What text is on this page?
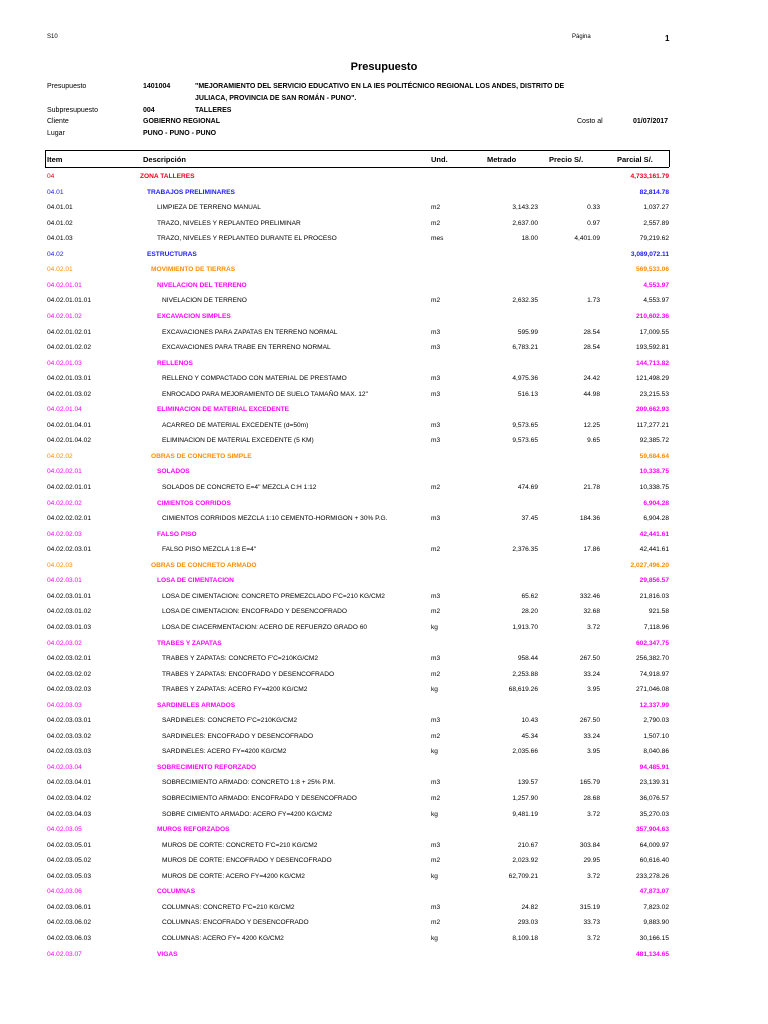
S10	Página	1
Presupuesto
Presupuesto	1401004	"MEJORAMIENTO DEL SERVICIO EDUCATIVO EN LA IES POLITÉCNICO REGIONAL LOS ANDES, DISTRITO DE
JULIACA, PROVINCIA DE SAN ROMÁN - PUNO".
Subpresupuesto	004	TALLERES
Cliente	GOBIERNO REGIONAL	Costo al	01/07/2017
Lugar	PUNO - PUNO - PUNO
Item	Descripción	Und.	Metrado	Precio S/.	Parcial S/.
04	ZONA TALLERES	4,733,161.79
04.01	TRABAJOS PRELIMINARES	82,814.78
04.01.01	LIMPIEZA DE TERRENO MANUAL	m2	3,143.23	0.33	1,037.27
04.01.02	TRAZO, NIVELES Y REPLANTEO PRELIMINAR	m2	2,637.00	0.97	2,557.89
04.01.03	TRAZO, NIVELES Y REPLANTEO DURANTE EL PROCESO	mes	18.00	4,401.09	79,219.62
04.02	ESTRUCTURAS	3,089,072.11
04.02.01	MOVIMIENTO DE TIERRAS	569,533.06
04.02.01.01	NIVELACION DEL TERRENO	4,553.97
04.02.01.01.01	NIVELACION DE TERRENO	m2	2,632.35	1.73	4,553.97
04.02.01.02	EXCAVACION SIMPLES	210,602.36
04.02.01.02.01	EXCAVACIONES PARA ZAPATAS EN TERRENO NORMAL	m3	595.99	28.54	17,009.55
04.02.01.02.02	EXCAVACIONES PARA TRABE EN TERRENO NORMAL	m3	6,783.21	28.54	193,592.81
04.02.01.03	RELLENOS	144,713.82
04.02.01.03.01	RELLENO Y COMPACTADO CON MATERIAL DE PRESTAMO	m3	4,975.36	24.42	121,498.29
04.02.01.03.02	ENROCADO PARA MEJORAMIENTO DE SUELO TAMAÑO MAX. 12"	m3	516.13	44.98	23,215.53
04.02.01.04	ELIMINACION DE MATERIAL EXCEDENTE	209,662.93
04.02.01.04.01	ACARREO DE MATERIAL EXCEDENTE (d=50m)	m3	9,573.65	12.25	117,277.21
04.02.01.04.02	ELIMINACION DE MATERIAL EXCEDENTE (5 KM)	m3	9,573.65	9.65	92,385.72
04.02.02	OBRAS DE CONCRETO SIMPLE	59,684.64
04.02.02.01	SOLADOS	10,338.75
04.02.02.01.01	SOLADOS DE CONCRETO E=4" MEZCLA C:H 1:12	m2	474.69	21.78	10,338.75
04.02.02.02	CIMIENTOS CORRIDOS	6,904.28
04.02.02.02.01	CIMIENTOS CORRIDOS MEZCLA 1:10 CEMENTO-HORMIGON + 30% P.G.	m3	37.45	184.36	6,904.28
04.02.02.03	FALSO PISO	42,441.61
04.02.02.03.01	FALSO PISO MEZCLA 1:8 E=4"	m2	2,376.35	17.86	42,441.61
04.02.03	OBRAS DE CONCRETO ARMADO	2,027,496.20
04.02.03.01	LOSA DE CIMENTACION	29,856.57
04.02.03.01.01	LOSA DE CIMENTACION: CONCRETO PREMEZCLADO F'C=210 KG/CM2	m3	65.62	332.46	21,816.03
04.02.03.01.02	LOSA DE CIMENTACION: ENCOFRADO Y DESENCOFRADO	m2	28.20	32.68	921.58
04.02.03.01.03	LOSA DE CIACERMENTACION: ACERO DE REFUERZO GRADO 60	kg	1,913.70	3.72	7,118.96
04.02.03.02	TRABES Y ZAPATAS	602,347.75
04.02.03.02.01	TRABES Y ZAPATAS: CONCRETO F'C=210KG/CM2	m3	958.44	267.50	256,382.70
04.02.03.02.02	TRABES Y ZAPATAS: ENCOFRADO Y DESENCOFRADO	m2	2,253.88	33.24	74,918.97
04.02.03.02.03	TRABES Y ZAPATAS: ACERO FY=4200 KG/CM2	kg	68,619.26	3.95	271,046.08
04.02.03.03	SARDINELES ARMADOS	12,337.99
04.02.03.03.01	SARDINELES: CONCRETO F'C=210KG/CM2	m3	10.43	267.50	2,790.03
04.02.03.03.02	SARDINELES: ENCOFRADO Y DESENCOFRADO	m2	45.34	33.24	1,507.10
04.02.03.03.03	SARDINELES: ACERO FY=4200 KG/CM2	kg	2,035.66	3.95	8,040.86
04.02.03.04	SOBRECIMIENTO REFORZADO	94,485.91
04.02.03.04.01	SOBRECIMIENTO ARMADO: CONCRETO 1:8 + 25% P.M.	m3	139.57	165.79	23,139.31
04.02.03.04.02	SOBRECIMIENTO ARMADO: ENCOFRADO Y DESENCOFRADO	m2	1,257.90	28.68	36,076.57
04.02.03.04.03	SOBRE CIMIENTO ARMADO: ACERO FY=4200 KG/CM2	kg	9,481.19	3.72	35,270.03
04.02.03.05	MUROS REFORZADOS	357,904.63
04.02.03.05.01	MUROS DE CORTE: CONCRETO F'C=210 KG/CM2	m3	210.67	303.84	64,009.97
04.02.03.05.02	MUROS DE CORTE: ENCOFRADO Y DESENCOFRADO	m2	2,023.92	29.95	60,616.40
04.02.03.05.03	MUROS DE CORTE: ACERO FY=4200 KG/CM2	kg	62,709.21	3.72	233,278.26
04.02.03.06	COLUMNAS	47,873.07
04.02.03.06.01	COLUMNAS: CONCRETO F'C=210 KG/CM2	m3	24.82	315.19	7,823.02
04.02.03.06.02	COLUMNAS: ENCOFRADO Y DESENCOFRADO	m2	293.03	33.73	9,883.90
04.02.03.06.03	COLUMNAS: ACERO FY= 4200 KG/CM2	kg	8,109.18	3.72	30,166.15
04.02.03.07	VIGAS	481,134.65
